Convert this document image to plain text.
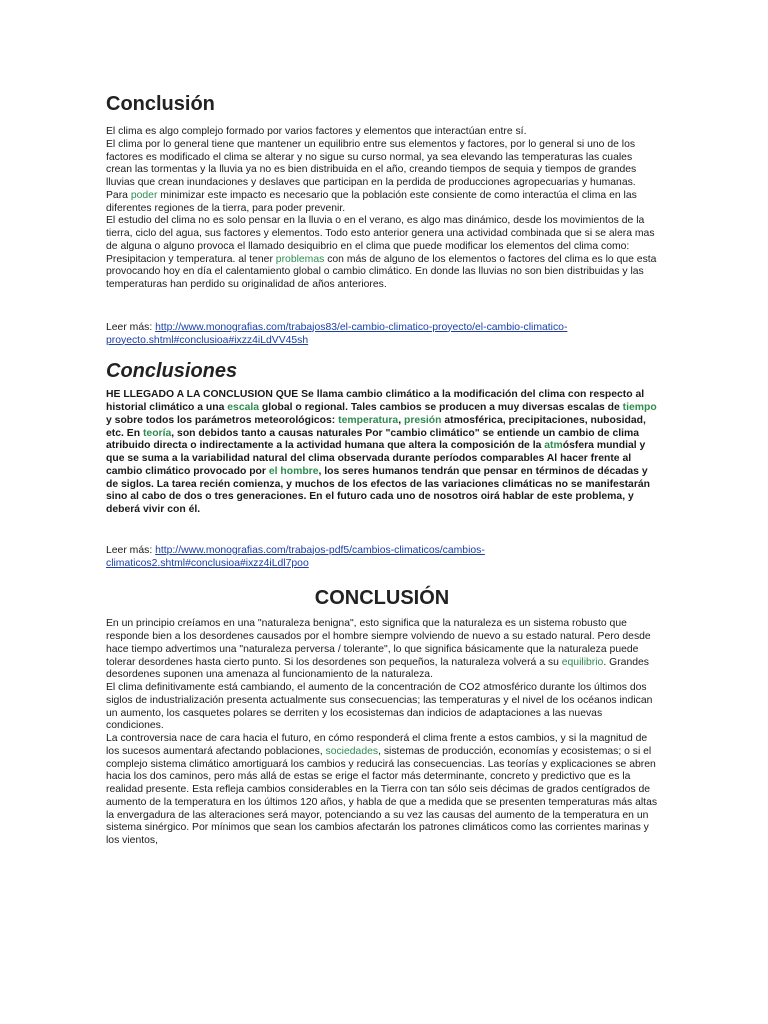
Conclusión

El clima es algo complejo formado por varios factores y elementos que interactúan entre sí.

El clima por lo general tiene que mantener un equilibrio entre sus elementos y factores, por lo general si uno de los factores es modificado el clima se alterar y no sigue su curso normal, ya sea elevando las temperaturas las cuales crean las tormentas y la lluvia ya no es bien distribuida en el año, creando tiempos de sequia y tiempos de grandes lluvias que crean inundaciones y deslaves que participan en la perdida de producciones agropecuarias y humanas.

Para poder minimizar este impacto es necesario que la población este consiente de como interactúa el clima en las diferentes regiones de la tierra, para poder prevenir.

El estudio del clima no es solo pensar en la lluvia o en el verano, es algo mas dinámico, desde los movimientos de la tierra, ciclo del agua, sus factores y elementos. Todo esto anterior genera una actividad combinada que si se alera mas de alguna o alguno provoca el llamado desiquibrio en el clima que puede modificar los elementos del clima como: Presipitacion y temperatura. al tener problemas con más de alguno de los elementos o factores del clima es lo que esta provocando hoy en día el calentamiento global o cambio climático. En donde las lluvias no son bien distribuidas y las temperaturas han perdido su originalidad de años anteriores.

Leer más: http://www.monografias.com/trabajos83/el-cambio-climatico-proyecto/el-cambio-climatico-proyecto.shtml#conclusioa#ixzz4iLdVV45sh

Conclusiones

HE LLEGADO A LA CONCLUSION QUE Se llama cambio climático a la modificación del clima con respecto al historial climático a una escala global o regional. Tales cambios se producen a muy diversas escalas de tiempo y sobre todos los parámetros meteorológicos: temperatura, presión atmosférica, precipitaciones, nubosidad, etc. En teoría, son debidos tanto a causas naturales Por "cambio climático" se entiende un cambio de clima atribuido directa o indirectamente a la actividad humana que altera la composición de la atmósfera mundial y que se suma a la variabilidad natural del clima observada durante períodos comparables Al hacer frente al cambio climático provocado por el hombre, los seres humanos tendrán que pensar en términos de décadas y de siglos. La tarea recién comienza, y muchos de los efectos de las variaciones climáticas no se manifestarán sino al cabo de dos o tres generaciones. En el futuro cada uno de nosotros oirá hablar de este problema, y deberá vivir con él.

Leer más: http://www.monografias.com/trabajos-pdf5/cambios-climaticos/cambios-climaticos2.shtml#conclusioa#ixzz4iLdl7poo

CONCLUSIÓN

En un principio creíamos en una "naturaleza benigna", esto significa que la naturaleza es un sistema robusto que responde bien a los desordenes causados por el hombre siempre volviendo de nuevo a su estado natural. Pero desde hace tiempo advertimos una "naturaleza perversa / tolerante", lo que significa básicamente que la naturaleza puede tolerar desordenes hasta cierto punto. Si los desordenes son pequeños, la naturaleza volverá a su equilibrio. Grandes desordenes suponen una amenaza al funcionamiento de la naturaleza.

El clima definitivamente está cambiando, el aumento de la concentración de CO2 atmosférico durante los últimos dos siglos de industrialización presenta actualmente sus consecuencias; las temperaturas y el nivel de los océanos indican un aumento, los casquetes polares se derriten y los ecosistemas dan indicios de adaptaciones a las nuevas condiciones.

La controversia nace de cara hacia el futuro, en cómo responderá el clima frente a estos cambios, y si la magnitud de los sucesos aumentará afectando poblaciones, sociedades, sistemas de producción, economías y ecosistemas; o si el complejo sistema climático amortiguará los cambios y reducirá las consecuencias. Las teorías y explicaciones se abren hacia los dos caminos, pero más allá de estas se erige el factor más determinante, concreto y predictivo que es la realidad presente. Esta refleja cambios considerables en la Tierra con tan sólo seis décimas de grados centígrados de aumento de la temperatura en los últimos 120 años, y habla de que a medida que se presenten temperaturas más altas la envergadura de las alteraciones será mayor, potenciando a su vez las causas del aumento de la temperatura en un sistema sinérgico. Por mínimos que sean los cambios afectarán los patrones climáticos como las corrientes marinas y los vientos,
